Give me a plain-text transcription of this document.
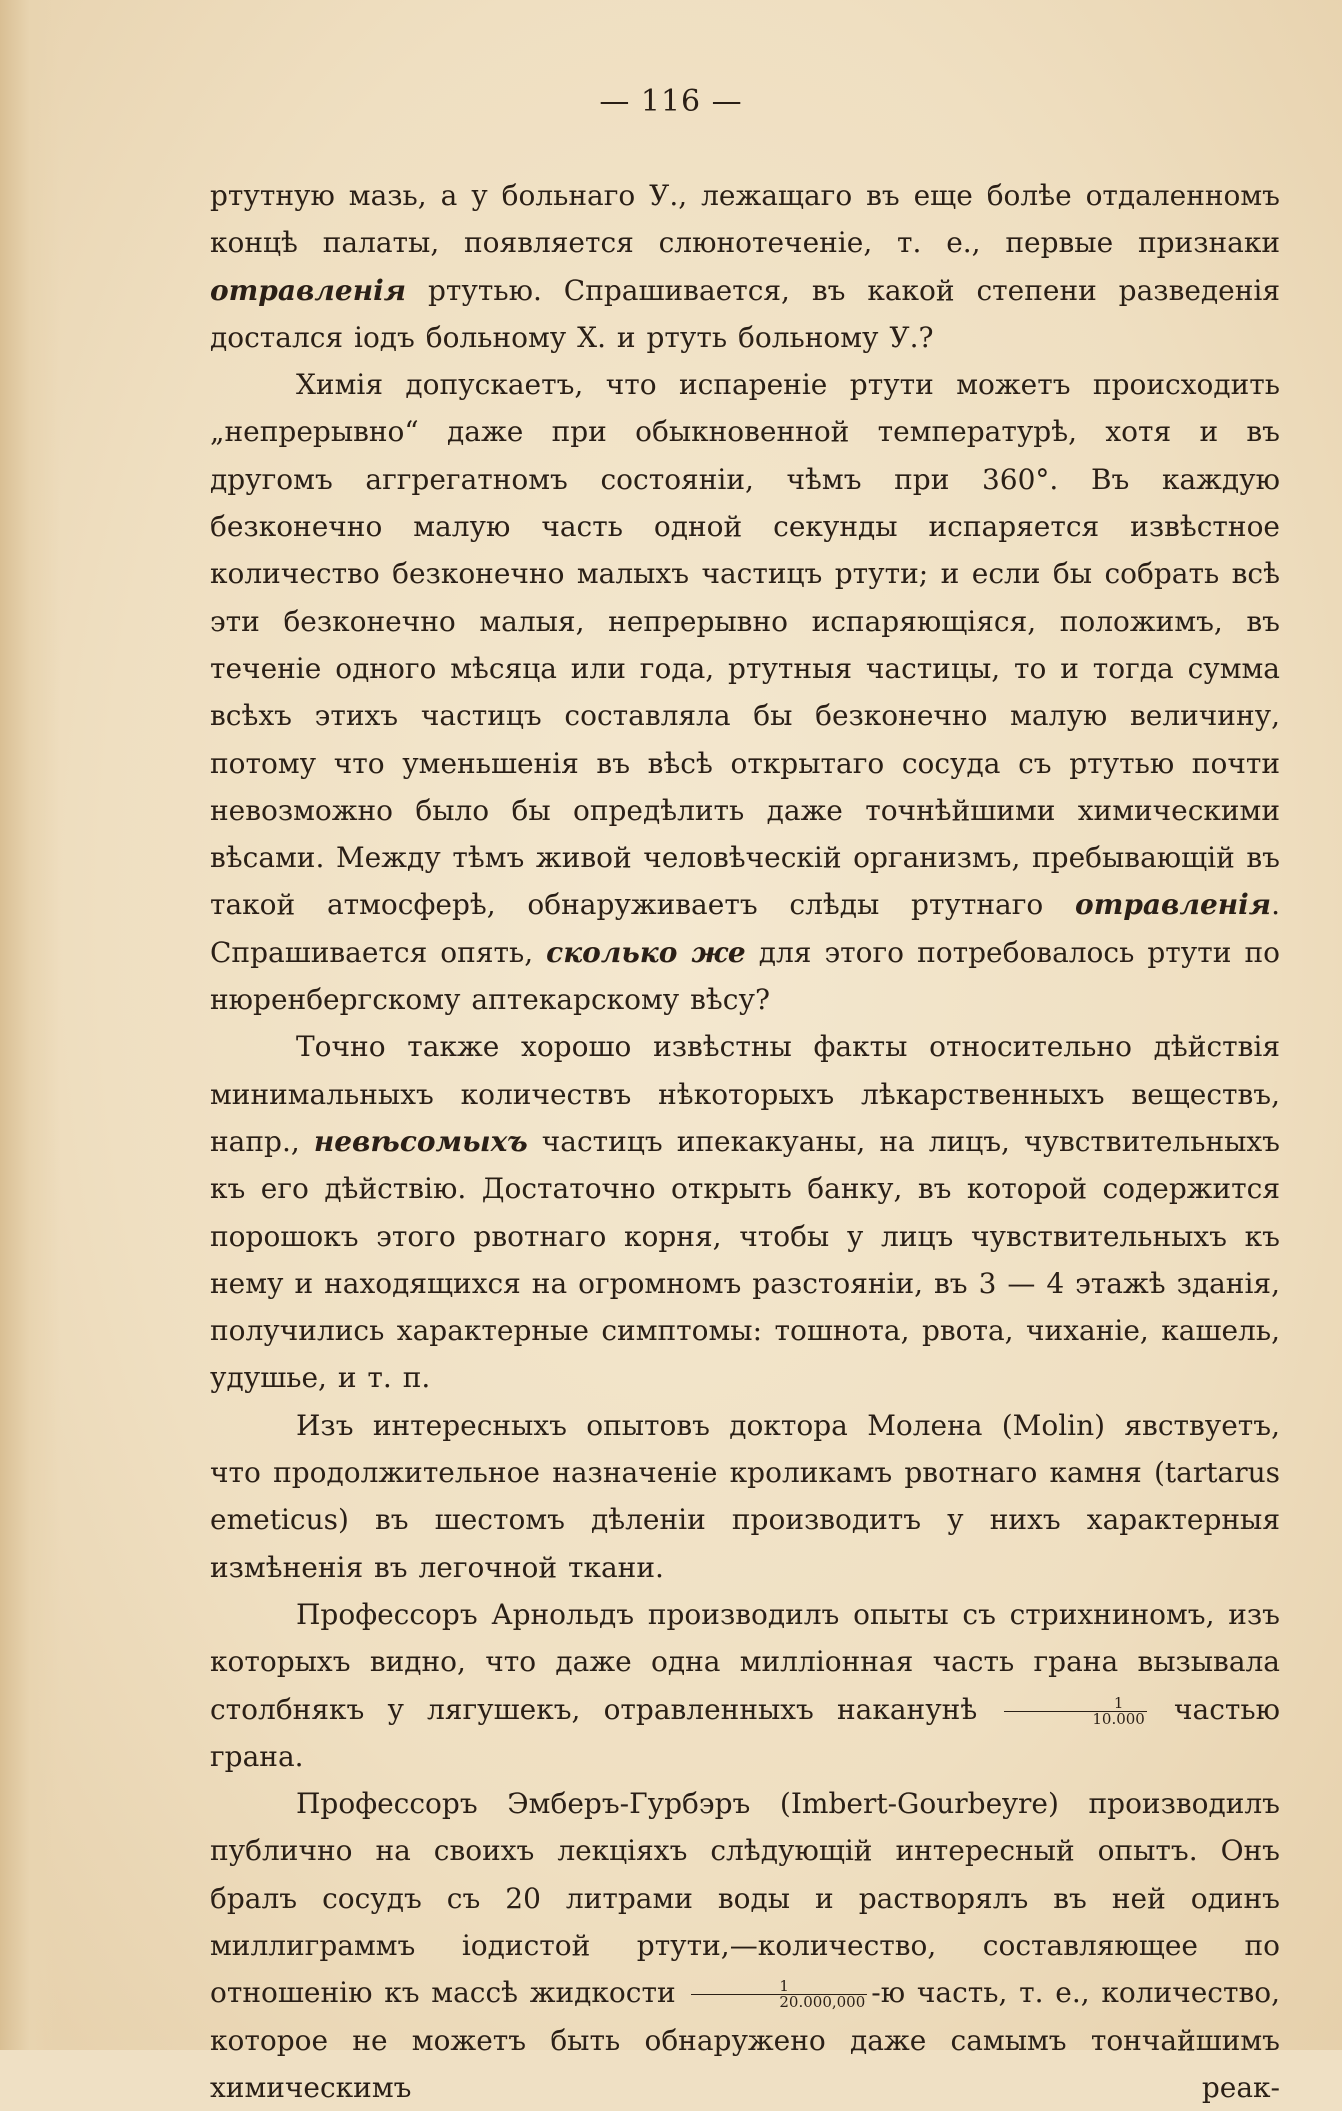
— 116 —

ртутную мазь, а у больнаго У., лежащаго въ еще болѣе отдаленномъ концѣ палаты, появляется слюнотеченіе, т. е., первые признаки отравленія ртутью. Спрашивается, въ какой степени разведенія достался іодъ больному X. и ртуть больному У.?

Химія допускаетъ, что испареніе ртути можетъ происходить „непрерывно“ даже при обыкновенной температурѣ, хотя и въ другомъ аггрегатномъ состояніи, чѣмъ при 360°. Въ каждую безконечно малую часть одной секунды испаряется извѣстное количество безконечно малыхъ частицъ ртути; и если бы собрать всѣ эти безконечно малыя, непрерывно испаряющіяся, положимъ, въ теченіе одного мѣсяца или года, ртутныя частицы, то и тогда сумма всѣхъ этихъ частицъ составляла бы безконечно малую величину, потому что уменьшенія въ вѣсѣ открытаго сосуда съ ртутью почти невозможно было бы опредѣлить даже точнѣйшими химическими вѣсами. Между тѣмъ живой человѣческій организмъ, пребывающій въ такой атмосферѣ, обнаруживаетъ слѣды ртутнаго отравленія. Спрашивается опять, сколько же для этого потребовалось ртути по нюренбергскому аптекарскому вѣсу?

Точно также хорошо извѣстны факты относительно дѣйствія минимальныхъ количествъ нѣкоторыхъ лѣкарственныхъ веществъ, напр., невѣсомыхъ частицъ ипекакуаны, на лицъ, чувствительныхъ къ его дѣйствію. Достаточно открыть банку, въ которой содержится порошокъ этого рвотнаго корня, чтобы у лицъ чувствительныхъ къ нему и находящихся на огромномъ разстояніи, въ 3 — 4 этажѣ зданія, получились характерные симптомы: тошнота, рвота, чиханіе, кашель, удушье, и т. п.

Изъ интересныхъ опытовъ доктора Молена (Molin) явствуетъ, что продолжительное назначеніе кроликамъ рвотнаго камня (tartarus emeticus) въ шестомъ дѣленіи производитъ у нихъ характерныя измѣненія въ легочной ткани.

Профессоръ Арнольдъ производилъ опыты съ стрихниномъ, изъ которыхъ видно, что даже одна милліонная часть грана вызывала столбнякъ у лягушекъ, отравленныхъ наканунѣ $\frac{1}{10.000}$ частью грана.

Профессоръ Эмберъ-Гурбэръ (Imbert-Gourbeyre) производилъ публично на своихъ лекціяхъ слѣдующій интересный опытъ. Онъ бралъ сосудъ съ 20 литрами воды и растворялъ въ ней одинъ миллиграммъ іодистой ртути,—количество, составляющее по отношенію къ массѣ жидкости $\frac{1}{20.000,000} -ю$ часть, т. е., количество, которое не можетъ быть обнаружено даже самымъ тончайшимъ химическимъ реак-
